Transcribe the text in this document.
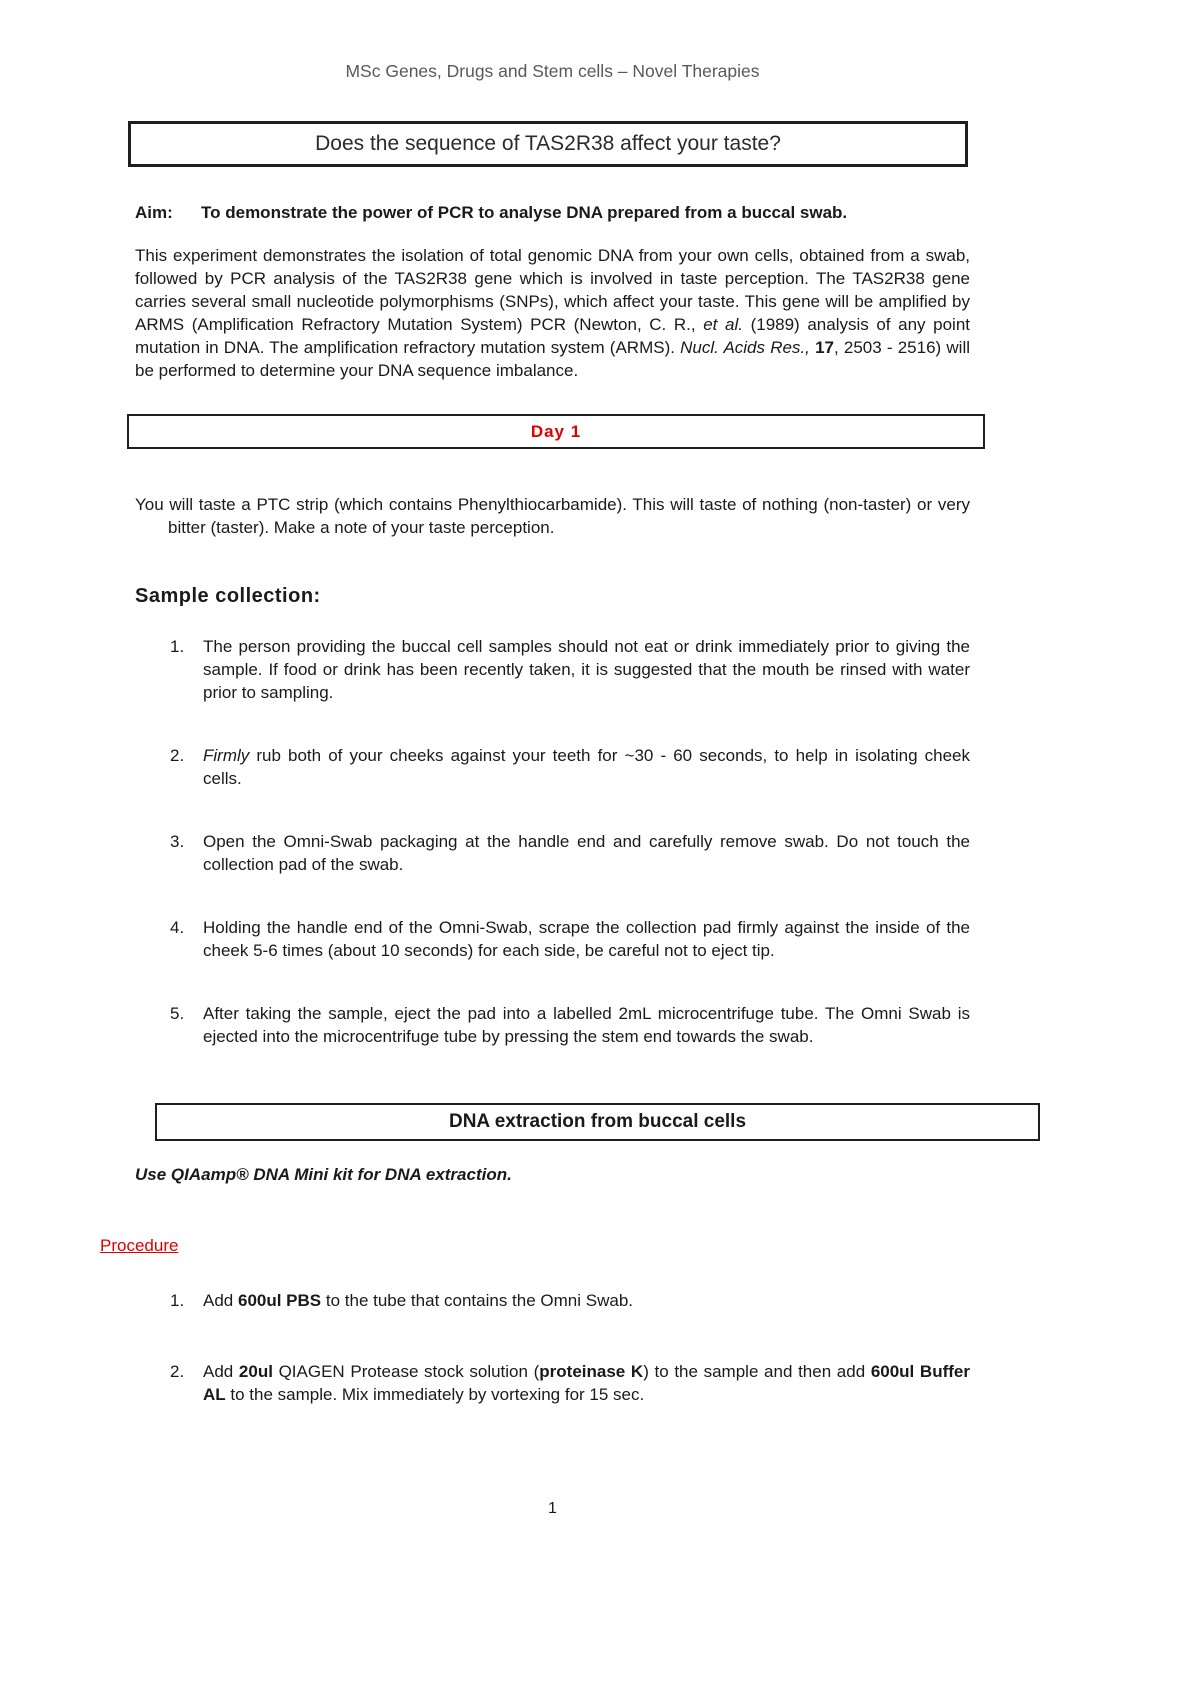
MSc Genes, Drugs and Stem cells – Novel Therapies
Does the sequence of TAS2R38 affect your taste?
Aim: To demonstrate the power of PCR to analyse DNA prepared from a buccal swab.
This experiment demonstrates the isolation of total genomic DNA from your own cells, obtained from a swab, followed by PCR analysis of the TAS2R38 gene which is involved in taste perception. The TAS2R38 gene carries several small nucleotide polymorphisms (SNPs), which affect your taste. This gene will be amplified by ARMS (Amplification Refractory Mutation System) PCR (Newton, C. R., et al. (1989) analysis of any point mutation in DNA. The amplification refractory mutation system (ARMS). Nucl. Acids Res., 17, 2503 - 2516) will be performed to determine your DNA sequence imbalance.
Day 1
You will taste a PTC strip (which contains Phenylthiocarbamide). This will taste of nothing (non-taster) or very bitter (taster). Make a note of your taste perception.
Sample collection:
1.	The person providing the buccal cell samples should not eat or drink immediately prior to giving the sample. If food or drink has been recently taken, it is suggested that the mouth be rinsed with water prior to sampling.
2.	Firmly rub both of your cheeks against your teeth for ~30 - 60 seconds, to help in isolating cheek cells.
3.	Open the Omni-Swab packaging at the handle end and carefully remove swab. Do not touch the collection pad of the swab.
4.	Holding the handle end of the Omni-Swab, scrape the collection pad firmly against the inside of the cheek 5-6 times (about 10 seconds) for each side, be careful not to eject tip.
5.	After taking the sample, eject the pad into a labelled 2mL microcentrifuge tube. The Omni Swab is ejected into the microcentrifuge tube by pressing the stem end towards the swab.
DNA extraction from buccal cells
Use QIAamp® DNA Mini kit for DNA extraction.
Procedure
1.	Add 600ul PBS to the tube that contains the Omni Swab.
2.	Add 20ul QIAGEN Protease stock solution (proteinase K) to the sample and then add 600ul Buffer AL to the sample. Mix immediately by vortexing for 15 sec.
1
